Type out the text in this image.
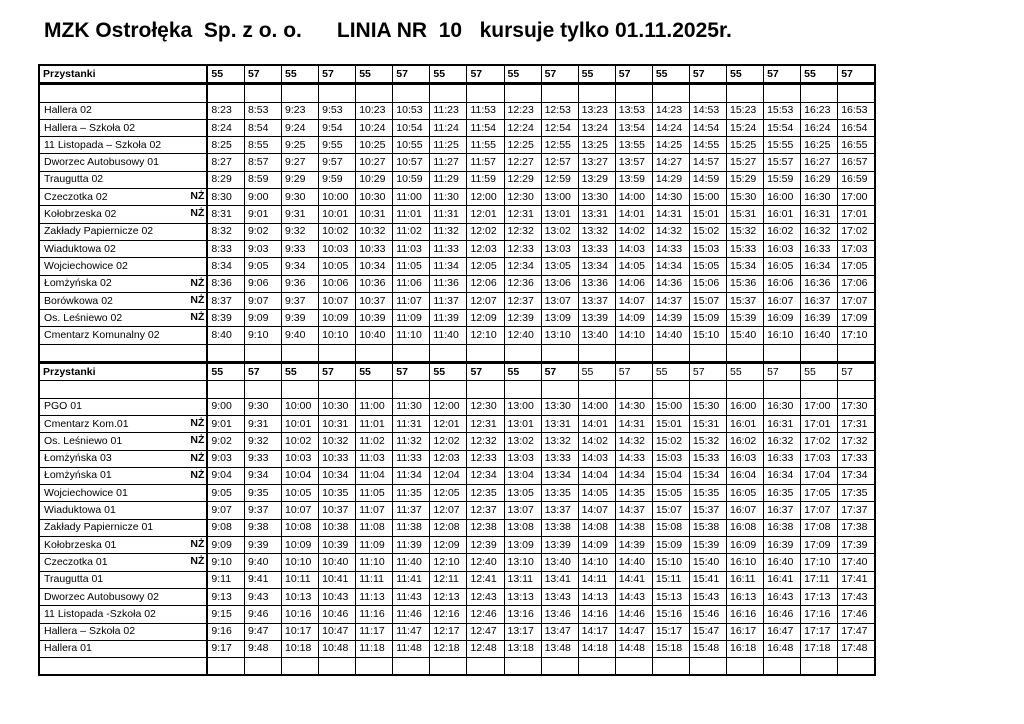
MZK Ostrołęka  Sp. z o. o.      LINIA NR  10   kursuje tylko 01.11.2025r.
Przystanki	55	57	55	57	55	57	55	57	55	57	55	57	55	57	55	57	55	57

Hallera 02	8:23	8:53	9:23	9:53	10:23	10:53	11:23	11:53	12:23	12:53	13:23	13:53	14:23	14:53	15:23	15:53	16:23	16:53
Hallera – Szkoła 02	8:24	8:54	9:24	9:54	10:24	10:54	11:24	11:54	12:24	12:54	13:24	13:54	14:24	14:54	15:24	15:54	16:24	16:54
11 Listopada – Szkoła 02	8:25	8:55	9:25	9:55	10:25	10:55	11:25	11:55	12:25	12:55	13:25	13:55	14:25	14:55	15:25	15:55	16:25	16:55
Dworzec Autobusowy 01	8:27	8:57	9:27	9:57	10:27	10:57	11:27	11:57	12:27	12:57	13:27	13:57	14:27	14:57	15:27	15:57	16:27	16:57
Traugutta 02	8:29	8:59	9:29	9:59	10:29	10:59	11:29	11:59	12:29	12:59	13:29	13:59	14:29	14:59	15:29	15:59	16:29	16:59
Czeczotka 02 NŻ	8:30	9:00	9:30	10:00	10:30	11:00	11:30	12:00	12:30	13:00	13:30	14:00	14:30	15:00	15:30	16:00	16:30	17:00
Kołobrzeska 02 NŻ	8:31	9:01	9:31	10:01	10:31	11:01	11:31	12:01	12:31	13:01	13:31	14:01	14:31	15:01	15:31	16:01	16:31	17:01
Zakłady Papiernicze 02	8:32	9:02	9:32	10:02	10:32	11:02	11:32	12:02	12:32	13:02	13:32	14:02	14:32	15:02	15:32	16:02	16:32	17:02
Wiaduktowa 02	8:33	9:03	9:33	10:03	10:33	11:03	11:33	12:03	12:33	13:03	13:33	14:03	14:33	15:03	15:33	16:03	16:33	17:03
Wojciechowice 02	8:34	9:05	9:34	10:05	10:34	11:05	11:34	12:05	12:34	13:05	13:34	14:05	14:34	15:05	15:34	16:05	16:34	17:05
Łomżyńska 02 NŻ	8:36	9:06	9:36	10:06	10:36	11:06	11:36	12:06	12:36	13:06	13:36	14:06	14:36	15:06	15:36	16:06	16:36	17:06
Borówkowa 02 NŻ	8:37	9:07	9:37	10:07	10:37	11:07	11:37	12:07	12:37	13:07	13:37	14:07	14:37	15:07	15:37	16:07	16:37	17:07
Os. Leśniewo 02 NŻ	8:39	9:09	9:39	10:09	10:39	11:09	11:39	12:09	12:39	13:09	13:39	14:09	14:39	15:09	15:39	16:09	16:39	17:09
Cmentarz Komunalny 02	8:40	9:10	9:40	10:10	10:40	11:10	11:40	12:10	12:40	13:10	13:40	14:10	14:40	15:10	15:40	16:10	16:40	17:10

Przystanki	55	57	55	57	55	57	55	57	55	57	55	57	55	57	55	57	55	57

PGO 01	9:00	9:30	10:00	10:30	11:00	11:30	12:00	12:30	13:00	13:30	14:00	14:30	15:00	15:30	16:00	16:30	17:00	17:30
Cmentarz Kom.01 NŻ	9:01	9:31	10:01	10:31	11:01	11:31	12:01	12:31	13:01	13:31	14:01	14:31	15:01	15:31	16:01	16:31	17:01	17:31
Os. Leśniewo 01 NŻ	9:02	9:32	10:02	10:32	11:02	11:32	12:02	12:32	13:02	13:32	14:02	14:32	15:02	15:32	16:02	16:32	17:02	17:32
Łomżyńska 03 NŻ	9:03	9:33	10:03	10:33	11:03	11:33	12:03	12:33	13:03	13:33	14:03	14:33	15:03	15:33	16:03	16:33	17:03	17:33
Łomżyńska 01 NŻ	9:04	9:34	10:04	10:34	11:04	11:34	12:04	12:34	13:04	13:34	14:04	14:34	15:04	15:34	16:04	16:34	17:04	17:34
Wojciechowice 01	9:05	9:35	10:05	10:35	11:05	11:35	12:05	12:35	13:05	13:35	14:05	14:35	15:05	15:35	16:05	16:35	17:05	17:35
Wiaduktowa 01	9:07	9:37	10:07	10:37	11:07	11:37	12:07	12:37	13:07	13:37	14:07	14:37	15:07	15:37	16:07	16:37	17:07	17:37
Zakłady Papiernicze 01	9:08	9:38	10:08	10:38	11:08	11:38	12:08	12:38	13:08	13:38	14:08	14:38	15:08	15:38	16:08	16:38	17:08	17:38
Kołobrzeska 01 NŻ	9:09	9:39	10:09	10:39	11:09	11:39	12:09	12:39	13:09	13:39	14:09	14:39	15:09	15:39	16:09	16:39	17:09	17:39
Czeczotka 01 NŻ	9:10	9:40	10:10	10:40	11:10	11:40	12:10	12:40	13:10	13:40	14:10	14:40	15:10	15:40	16:10	16:40	17:10	17:40
Traugutta 01	9:11	9:41	10:11	10:41	11:11	11:41	12:11	12:41	13:11	13:41	14:11	14:41	15:11	15:41	16:11	16:41	17:11	17:41
Dworzec Autobusowy 02	9:13	9:43	10:13	10:43	11:13	11:43	12:13	12:43	13:13	13:43	14:13	14:43	15:13	15:43	16:13	16:43	17:13	17:43
11 Listopada -Szkoła 02	9:15	9:46	10:16	10:46	11:16	11:46	12:16	12:46	13:16	13:46	14:16	14:46	15:16	15:46	16:16	16:46	17:16	17:46
Hallera – Szkoła 02	9:16	9:47	10:17	10:47	11:17	11:47	12:17	12:47	13:17	13:47	14:17	14:47	15:17	15:47	16:17	16:47	17:17	17:47
Hallera 01	9:17	9:48	10:18	10:48	11:18	11:48	12:18	12:48	13:18	13:48	14:18	14:48	15:18	15:48	16:18	16:48	17:18	17:48
